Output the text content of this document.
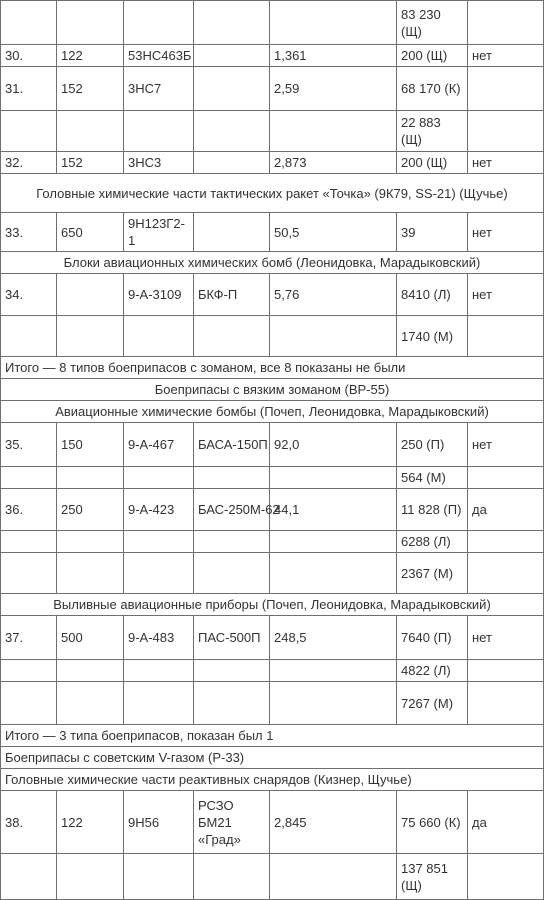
					83 230 (Щ)	
30.	122	53НС463Б		1,361	200 (Щ)	нет
31.	152	3НС7		2,59	68 170 (К)	
					22 883 (Щ)	
32.	152	3НС3		2,873	200 (Щ)	нет
Головные химические части тактических ракет «Точка» (9К79, SS-21) (Щучье)						
33.	650	9Н123Г2-1		50,5	39	нет
Блоки авиационных химических бомб (Леонидовка, Марадыковский)						
34.		9-А-3109	БКФ-П	5,76	8410 (Л)	нет
					1740 (М)	
Итого — 8 типов боеприпасов с зоманом, все 8 показаны не были						
Боеприпасы с вязким зоманом (ВР-55)						
Авиационные химические бомбы (Почеп, Леонидовка, Марадыковский)						
35.	150	9-А-467	БАСА-150П	92,0	250 (П)	нет
					564 (М)	
36.	250	9-А-423	БАС-250М-62	44,1	11 828 (П)	да
					6288 (Л)	
					2367 (М)	
Выливные авиационные приборы (Почеп, Леонидовка, Марадыковский)						
37.	500	9-А-483	ПАС-500П	248,5	7640 (П)	нет
					4822 (Л)	
					7267 (М)	
Итого — 3 типа боеприпасов, показан был 1						
Боеприпасы с советским V-газом (Р-33)						
Головные химические части реактивных снарядов (Кизнер, Щучье)						
38.	122	9Н56	РСЗО БМ21 «Град»	2,845	75 660 (К)	да
					137 851 (Щ)	
